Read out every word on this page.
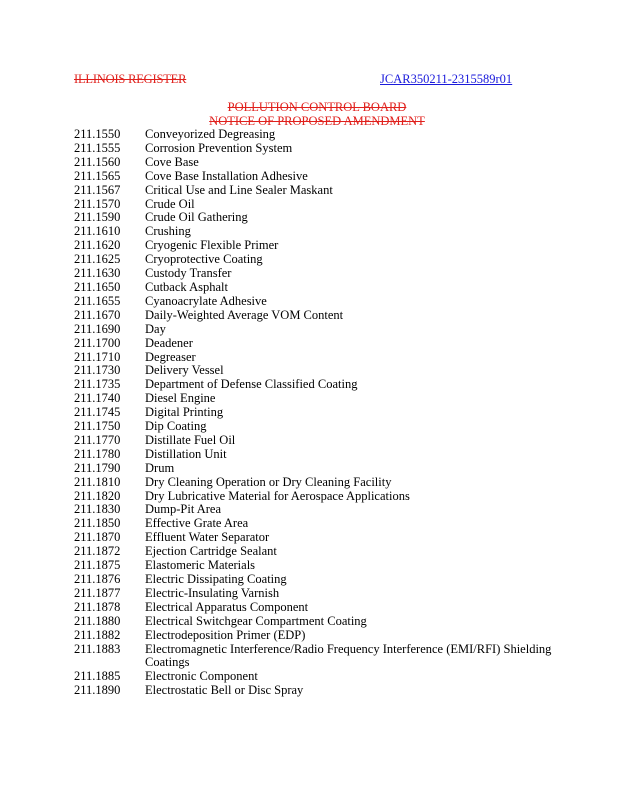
ILLINOIS REGISTER	JCAR350211-2315589r01
POLLUTION CONTROL BOARD
NOTICE OF PROPOSED AMENDMENT
211.1550	Conveyorized Degreasing
211.1555	Corrosion Prevention System
211.1560	Cove Base
211.1565	Cove Base Installation Adhesive
211.1567	Critical Use and Line Sealer Maskant
211.1570	Crude Oil
211.1590	Crude Oil Gathering
211.1610	Crushing
211.1620	Cryogenic Flexible Primer
211.1625	Cryoprotective Coating
211.1630	Custody Transfer
211.1650	Cutback Asphalt
211.1655	Cyanoacrylate Adhesive
211.1670	Daily-Weighted Average VOM Content
211.1690	Day
211.1700	Deadener
211.1710	Degreaser
211.1730	Delivery Vessel
211.1735	Department of Defense Classified Coating
211.1740	Diesel Engine
211.1745	Digital Printing
211.1750	Dip Coating
211.1770	Distillate Fuel Oil
211.1780	Distillation Unit
211.1790	Drum
211.1810	Dry Cleaning Operation or Dry Cleaning Facility
211.1820	Dry Lubricative Material for Aerospace Applications
211.1830	Dump-Pit Area
211.1850	Effective Grate Area
211.1870	Effluent Water Separator
211.1872	Ejection Cartridge Sealant
211.1875	Elastomeric Materials
211.1876	Electric Dissipating Coating
211.1877	Electric-Insulating Varnish
211.1878	Electrical Apparatus Component
211.1880	Electrical Switchgear Compartment Coating
211.1882	Electrodeposition Primer (EDP)
211.1883	Electromagnetic Interference/Radio Frequency Interference (EMI/RFI) Shielding Coatings
211.1885	Electronic Component
211.1890	Electrostatic Bell or Disc Spray
